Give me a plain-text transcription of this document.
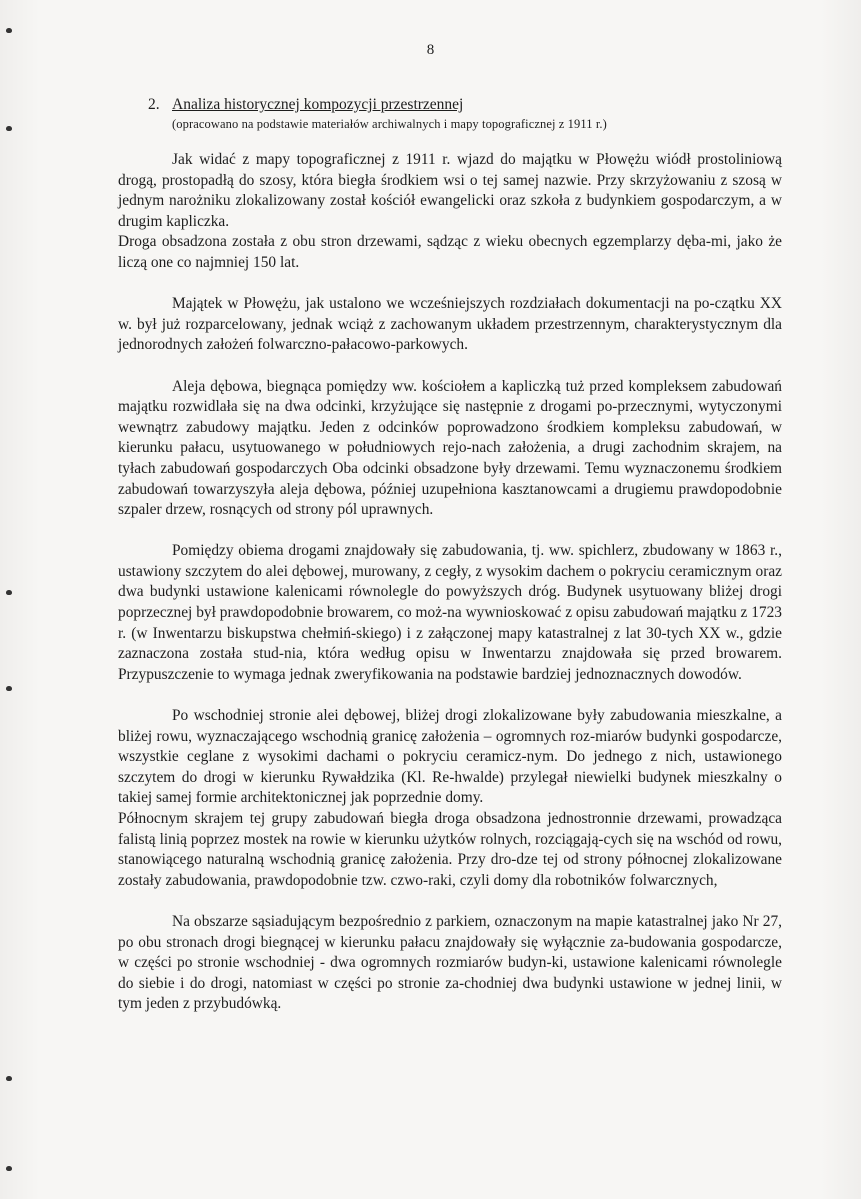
8
2. Analiza historycznej kompozycji przestrzennej
(opracowano na podstawie materiałów archiwalnych i mapy topograficznej z 1911 r.)

Jak widać z mapy topograficznej z 1911 r. wjazd do majątku w Płowężu wiódł prostoliniową drogą, prostopadłą do szosy, która biegła środkiem wsi o tej samej nazwie. Przy skrzyżowaniu z szosą w jednym narożniku zlokalizowany został kościół ewangelicki oraz szkoła z budynkiem gospodarczym, a w drugim kapliczka.

Droga obsadzona została z obu stron drzewami, sądząc z wieku obecnych egzemplarzy dęba-mi, jako że liczą one co najmniej 150 lat.

Majątek w Płowężu, jak ustalono we wcześniejszych rozdziałach dokumentacji na po-czątku XX w. był już rozparcelowany, jednak wciąż z zachowanym układem przestrzennym, charakterystycznym dla jednorodnych założeń folwarczno-pałacowo-parkowych.

Aleja dębowa, biegnąca pomiędzy ww. kościołem a kapliczką tuż przed kompleksem zabudowań majątku rozwidlała się na dwa odcinki, krzyżujące się następnie z drogami po-przecznymi, wytyczonymi wewnątrz zabudowy majątku. Jeden z odcinków poprowadzono środkiem kompleksu zabudowań, w kierunku pałacu, usytuowanego w południowych rejo-nach założenia, a drugi zachodnim skrajem, na tyłach zabudowań gospodarczych Oba odcinki obsadzone były drzewami. Temu wyznaczonemu środkiem zabudowań towarzyszyła aleja dębowa, później uzupełniona kasztanowcami a drugiemu prawdopodobnie szpaler drzew, rosnących od strony pól uprawnych.

Pomiędzy obiema drogami znajdowały się zabudowania, tj. ww. spichlerz, zbudowany w 1863 r., ustawiony szczytem do alei dębowej, murowany, z cegły, z wysokim dachem o pokryciu ceramicznym oraz dwa budynki ustawione kalenicami równolegle do powyższych dróg. Budynek usytuowany bliżej drogi poprzecznej był prawdopodobnie browarem, co moż-na wywnioskować z opisu zabudowań majątku z 1723 r. (w Inwentarzu biskupstwa chełmiń-skiego) i z załączonej mapy katastralnej z lat 30-tych XX w., gdzie zaznaczona została stud-nia, która według opisu w Inwentarzu znajdowała się przed browarem. Przypuszczenie to wymaga jednak zweryfikowania na podstawie bardziej jednoznacznych dowodów.

Po wschodniej stronie alei dębowej, bliżej drogi zlokalizowane były zabudowania mieszkalne, a bliżej rowu, wyznaczającego wschodnią granicę założenia – ogromnych roz-miarów budynki gospodarcze, wszystkie ceglane z wysokimi dachami o pokryciu ceramicz-nym. Do jednego z nich, ustawionego szczytem do drogi w kierunku Rywałdzika (Kl. Re-hwalde) przylegał niewielki budynek mieszkalny o takiej samej formie architektonicznej jak poprzednie domy.

Północnym skrajem tej grupy zabudowań biegła droga obsadzona jednostronnie drzewami, prowadząca falistą linią poprzez mostek na rowie w kierunku użytków rolnych, rozciągają-cych się na wschód od rowu, stanowiącego naturalną wschodnią granicę założenia. Przy dro-dze tej od strony północnej zlokalizowane zostały zabudowania, prawdopodobnie tzw. czwo-raki, czyli domy dla robotników folwarcznych,

Na obszarze sąsiadującym bezpośrednio z parkiem, oznaczonym na mapie katastralnej jako Nr 27, po obu stronach drogi biegnącej w kierunku pałacu znajdowały się wyłącznie za-budowania gospodarcze, w części po stronie wschodniej - dwa ogromnych rozmiarów budyn-ki, ustawione kalenicami równolegle do siebie i do drogi, natomiast w części po stronie za-chodniej dwa budynki ustawione w jednej linii, w tym jeden z przybudówką.
